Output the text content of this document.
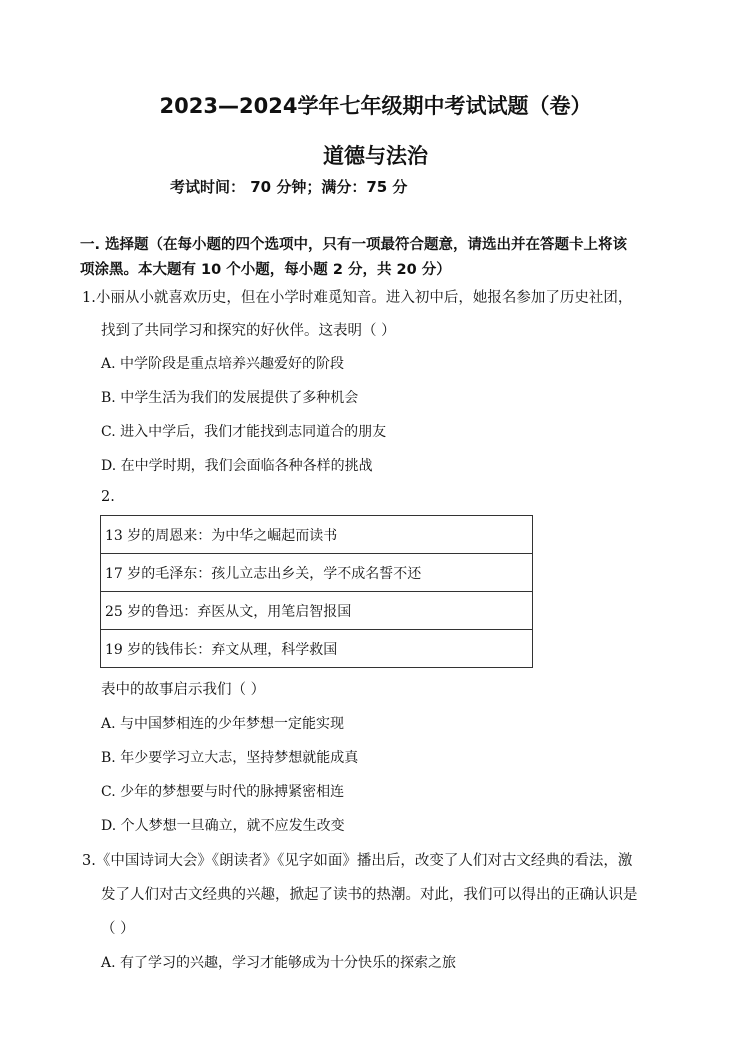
2023—2024学年七年级期中考试试题（卷）
道德与法治
考试时间： 70 分钟；满分：75 分
一. 选择题（在每小题的四个选项中，只有一项最符合题意，请选出并在答题卡上将该
项涂黑。本大题有 10 个小题，每小题 2 分，共 20 分）
1.小丽从小就喜欢历史，但在小学时难觅知音。进入初中后，她报名参加了历史社团，
找到了共同学习和探究的好伙伴。这表明（ ）
A. 中学阶段是重点培养兴趣爱好的阶段
B. 中学生活为我们的发展提供了多种机会
C. 进入中学后，我们才能找到志同道合的朋友
D. 在中学时期，我们会面临各种各样的挑战
2.
13 岁的周恩来：为中华之崛起而读书
17 岁的毛泽东：孩儿立志出乡关，学不成名誓不还
25 岁的鲁迅：弃医从文，用笔启智报国
19 岁的钱伟长：弃文从理，科学救国
表中的故事启示我们（ ）
A. 与中国梦相连的少年梦想一定能实现
B. 年少要学习立大志，坚持梦想就能成真
C. 少年的梦想要与时代的脉搏紧密相连
D. 个人梦想一旦确立，就不应发生改变
3.《中国诗词大会》《朗读者》《见字如面》播出后，改变了人们对古文经典的看法，激
发了人们对古文经典的兴趣，掀起了读书的热潮。对此，我们可以得出的正确认识是
（ ）
A. 有了学习的兴趣，学习才能够成为十分快乐的探索之旅
